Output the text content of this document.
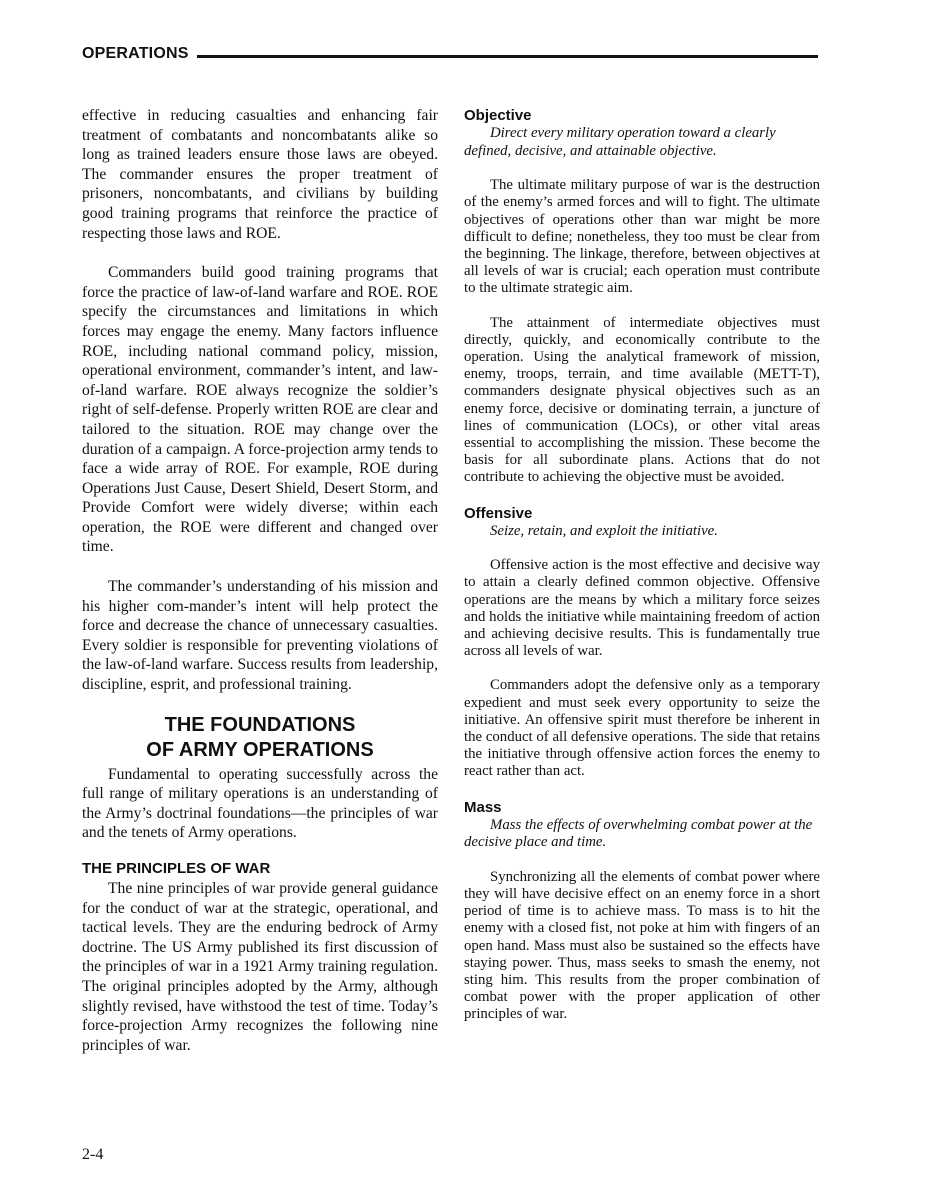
OPERATIONS

effective in reducing casualties and enhancing fair treatment of combatants and noncombatants alike so long as trained leaders ensure those laws are obeyed. The commander ensures the proper treatment of prisoners, noncombatants, and civilians by building good training programs that reinforce the practice of respecting those laws and ROE.

Commanders build good training programs that force the practice of law-of-land warfare and ROE. ROE specify the circumstances and limitations in which forces may engage the enemy. Many factors influence ROE, including national command policy, mission, operational environment, commander’s intent, and law-of-land warfare. ROE always recognize the soldier’s right of self-defense. Properly written ROE are clear and tailored to the situation. ROE may change over the duration of a campaign. A force-projection army tends to face a wide array of ROE. For example, ROE during Operations Just Cause, Desert Shield, Desert Storm, and Provide Comfort were widely diverse; within each operation, the ROE were different and changed over time.

The commander’s understanding of his mission and his higher com-mander’s intent will help protect the force and decrease the chance of unnecessary casualties. Every soldier is responsible for preventing violations of the law-of-land warfare. Success results from leadership, discipline, esprit, and professional training.

THE FOUNDATIONS
OF ARMY OPERATIONS

Fundamental to operating successfully across the full range of military operations is an understanding of the Army’s doctrinal foundations—the principles of war and the tenets of Army operations.

THE PRINCIPLES OF WAR

The nine principles of war provide general guidance for the conduct of war at the strategic, operational, and tactical levels. They are the enduring bedrock of Army doctrine. The US Army published its first discussion of the principles of war in a 1921 Army training regulation. The original principles adopted by the Army, although slightly revised, have withstood the test of time. Today’s force-projection Army recognizes the following nine principles of war.

Objective

Direct every military operation toward a clearly defined, decisive, and attainable objective.

The ultimate military purpose of war is the destruction of the enemy’s armed forces and will to fight. The ultimate objectives of operations other than war might be more difficult to define; nonetheless, they too must be clear from the beginning. The linkage, therefore, between objectives at all levels of war is crucial; each operation must contribute to the ultimate strategic aim.

The attainment of intermediate objectives must directly, quickly, and economically contribute to the operation. Using the analytical framework of mission, enemy, troops, terrain, and time available (METT-T), commanders designate physical objectives such as an enemy force, decisive or dominating terrain, a juncture of lines of communication (LOCs), or other vital areas essential to accomplishing the mission. These become the basis for all subordinate plans. Actions that do not contribute to achieving the objective must be avoided.

Offensive

Seize, retain, and exploit the initiative.

Offensive action is the most effective and decisive way to attain a clearly defined common objective. Offensive operations are the means by which a military force seizes and holds the initiative while maintaining freedom of action and achieving decisive results. This is fundamentally true across all levels of war.

Commanders adopt the defensive only as a temporary expedient and must seek every opportunity to seize the initiative. An offensive spirit must therefore be inherent in the conduct of all defensive operations. The side that retains the initiative through offensive action forces the enemy to react rather than act.

Mass

Mass the effects of overwhelming combat power at the decisive place and time.

Synchronizing all the elements of combat power where they will have decisive effect on an enemy force in a short period of time is to achieve mass. To mass is to hit the enemy with a closed fist, not poke at him with fingers of an open hand. Mass must also be sustained so the effects have staying power. Thus, mass seeks to smash the enemy, not sting him. This results from the proper combination of combat power with the proper application of other principles of war.

2-4
